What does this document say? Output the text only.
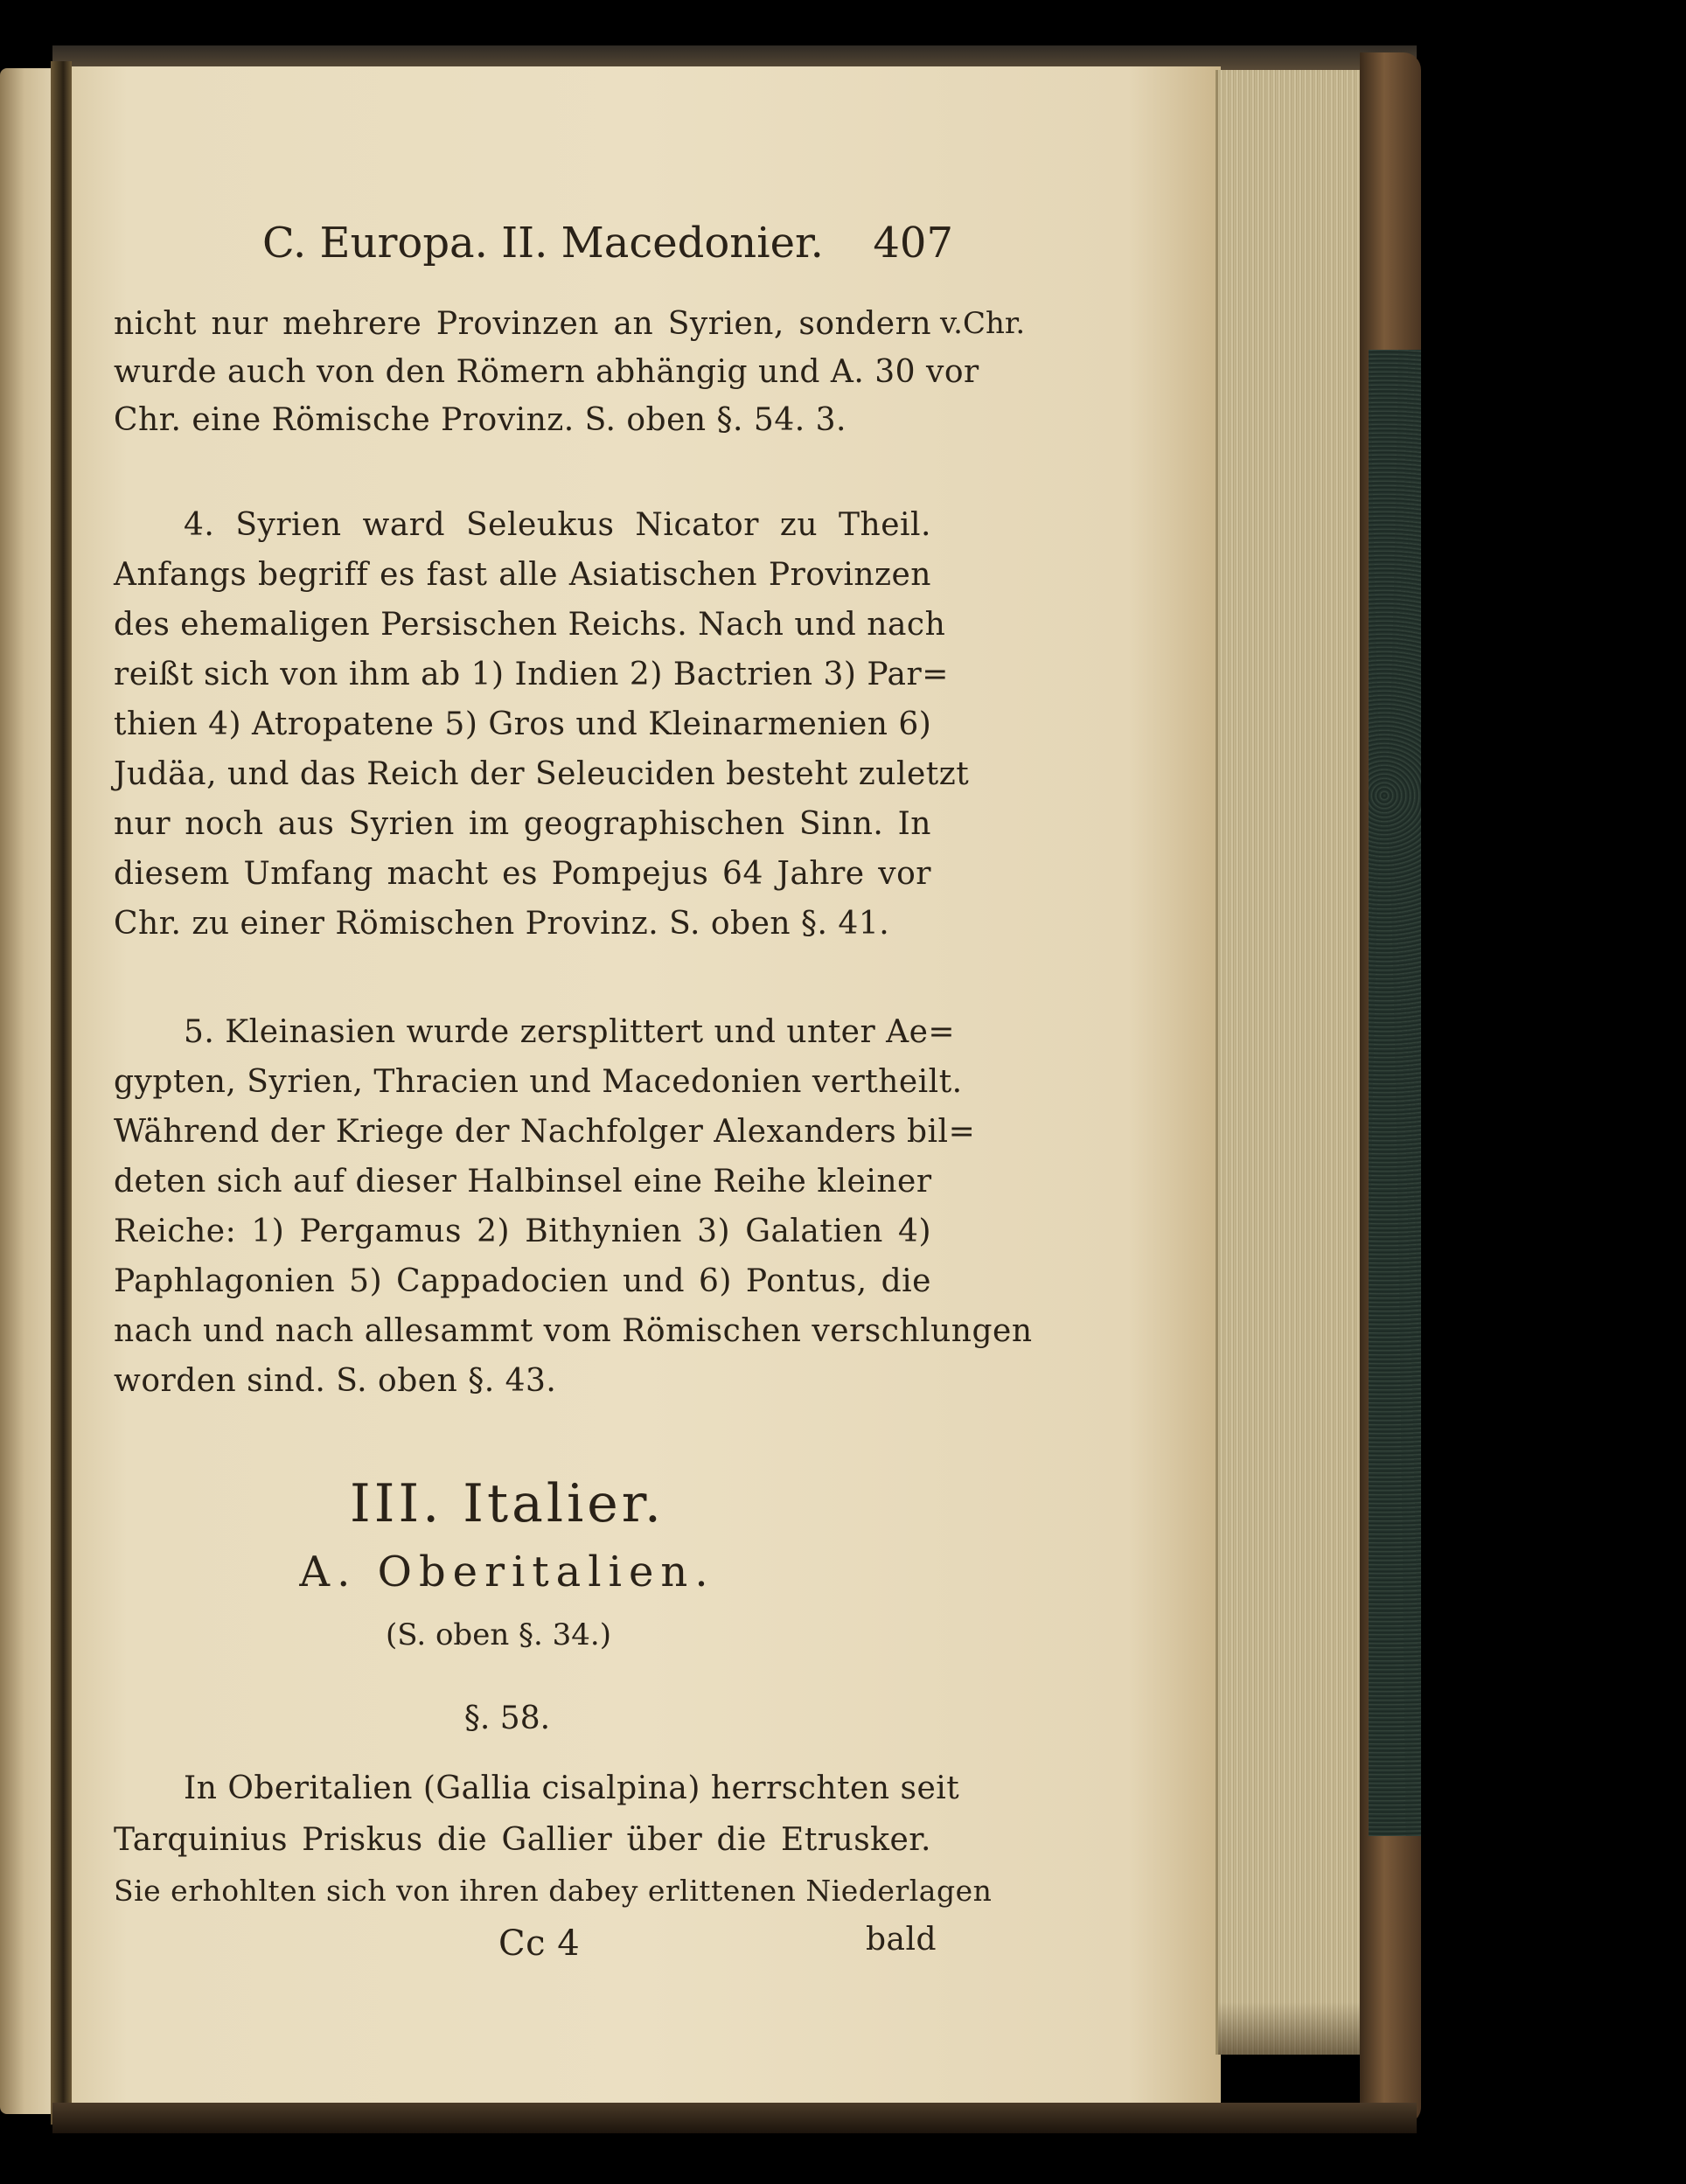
C. Europa. II. Macedonier. 407
v.Chr.
nicht nur mehrere Provinzen an Syrien, sondern
wurde auch von den Römern abhängig und A. 30 vor
Chr. eine Römische Provinz. S. oben §. 54. 3.
4. Syrien ward Seleukus Nicator zu Theil.
Anfangs begriff es fast alle Asiatischen Provinzen
des ehemaligen Persischen Reichs. Nach und nach
reißt sich von ihm ab 1) Indien 2) Bactrien 3) Par=
thien 4) Atropatene 5) Gros und Kleinarmenien 6)
Judäa, und das Reich der Seleuciden besteht zuletzt
nur noch aus Syrien im geographischen Sinn. In
diesem Umfang macht es Pompejus 64 Jahre vor
Chr. zu einer Römischen Provinz. S. oben §. 41.
5. Kleinasien wurde zersplittert und unter Ae=
gypten, Syrien, Thracien und Macedonien vertheilt.
Während der Kriege der Nachfolger Alexanders bil=
deten sich auf dieser Halbinsel eine Reihe kleiner
Reiche: 1) Pergamus 2) Bithynien 3) Galatien 4)
Paphlagonien 5) Cappadocien und 6) Pontus, die
nach und nach allesammt vom Römischen verschlungen
worden sind. S. oben §. 43.
III. Italier.
A. Oberitalien.
(S. oben §. 34.)
§. 58.
In Oberitalien (Gallia cisalpina) herrschten seit
Tarquinius Priskus die Gallier über die Etrusker.
Sie erhohlten sich von ihren dabey erlittenen Niederlagen
Cc 4	bald
